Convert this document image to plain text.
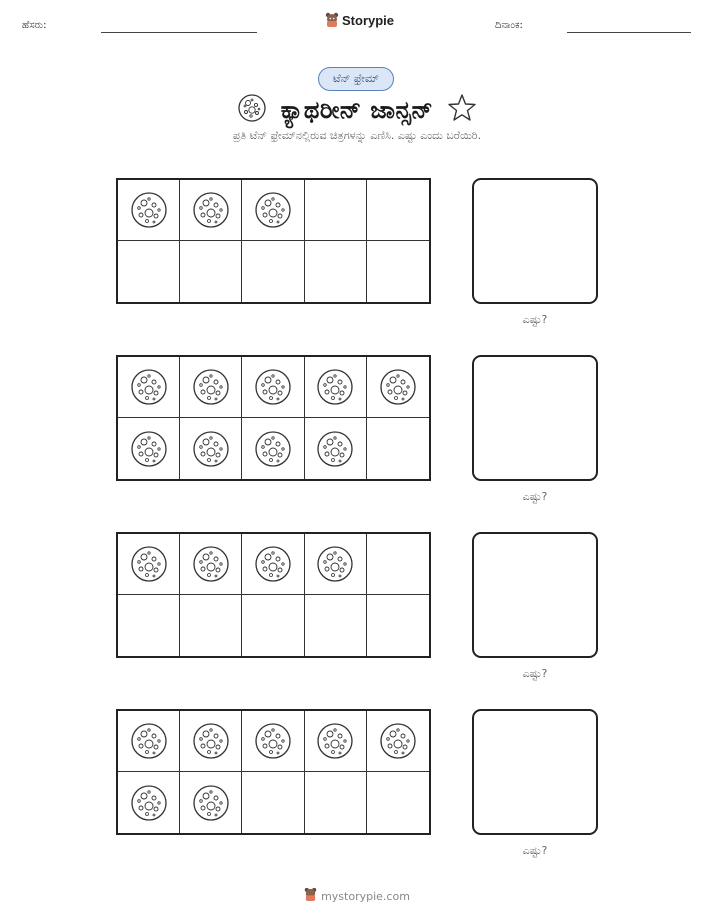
ಹೆಸರು:	Storypie	ದಿನಾಂಕ:
ಟೆನ್ ಫ್ರೇಮ್
ಕ್ಯಾಥರೀನ್ ಜಾನ್ಸನ್
ಪ್ರತಿ ಟೆನ್ ಫ್ರೇಮ್‌ನಲ್ಲಿರುವ ಚಿತ್ರಗಳನ್ನು ಎಣಿಸಿ. ಎಷ್ಟು ಎಂದು ಬರೆಯಿರಿ.
ಎಷ್ಟು?
ಎಷ್ಟು?
ಎಷ್ಟು?
ಎಷ್ಟು?
mystorypie.com
